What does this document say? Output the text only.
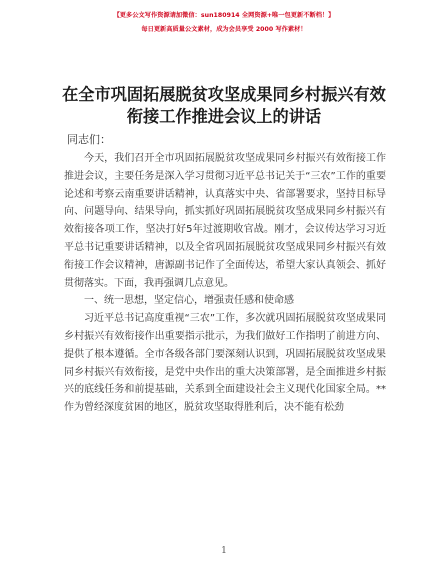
【更多公文写作资源请加微信：sun180914 全网资源+唯一包更新不断档！】
每日更新高质量公文素材，成为会员享受 2000 写作素材！
在全市巩固拓展脱贫攻坚成果同乡村振兴有效
衔接工作推进会议上的讲话
同志们：

今天，我们召开全市巩固拓展脱贫攻坚成果同乡村振兴有效衔接工作推进会议，主要任务是深入学习贯彻习近平总书记关于“三农”工作的重要论述和考察云南重要讲话精神，认真落实中央、省部署要求，坚持目标导向、问题导向、结果导向，抓实抓好巩固拓展脱贫攻坚成果同乡村振兴有效衔接各项工作，坚决打好5年过渡期收官战。刚才，会议传达学习习近平总书记重要讲话精神，以及全省巩固拓展脱贫攻坚成果同乡村振兴有效衔接工作会议精神，唐源副书记作了全面传达，希望大家认真领会、抓好贯彻落实。下面，我再强调几点意见。

一、统一思想，坚定信心，增强责任感和使命感

习近平总书记高度重视“三农”工作，多次就巩固拓展脱贫攻坚成果同乡村振兴有效衔接作出重要指示批示，为我们做好工作指明了前进方向、提供了根本遵循。全市各级各部门要深刻认识到，巩固拓展脱贫攻坚成果同乡村振兴有效衔接，是党中央作出的重大决策部署，是全面推进乡村振兴的底线任务和前提基础，关系到全面建设社会主义现代化国家全局。**作为曾经深度贫困的地区，脱贫攻坚取得胜利后，决不能有松劲

1
